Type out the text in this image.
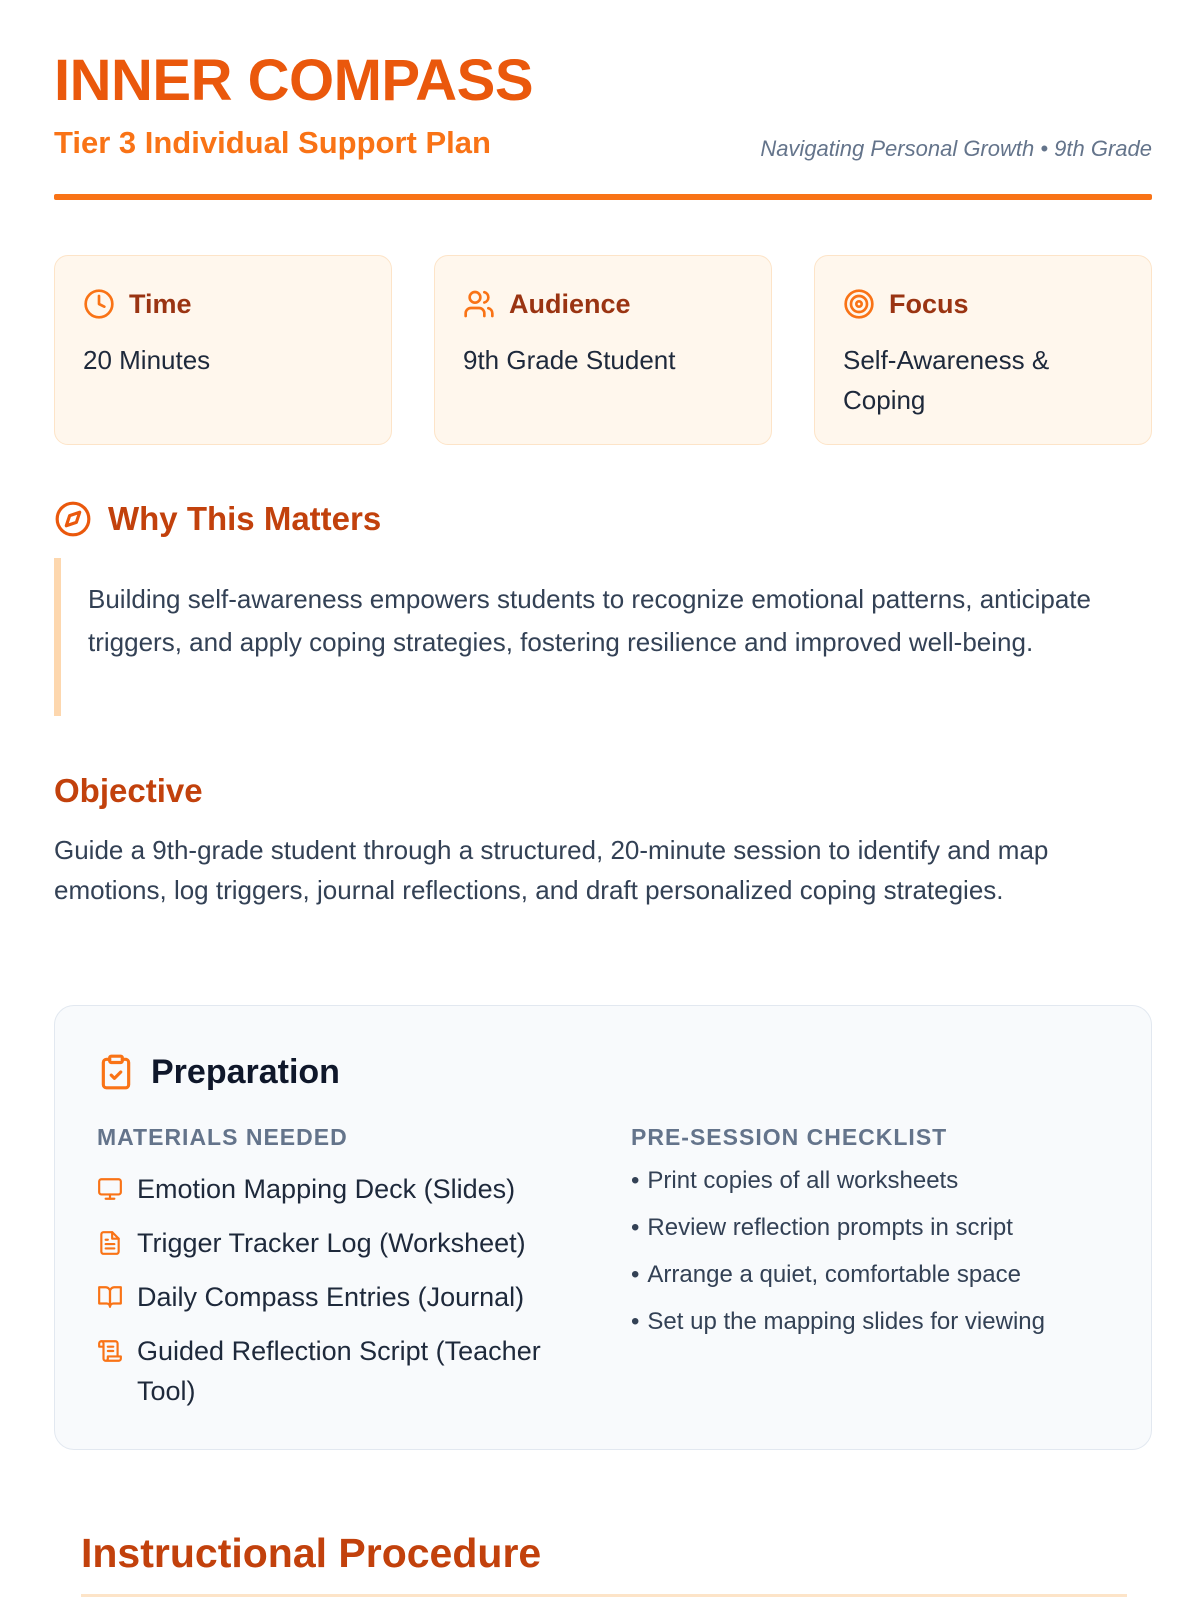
INNER COMPASS
Tier 3 Individual Support Plan	Navigating Personal Growth • 9th Grade
Time
20 Minutes
Audience
9th Grade Student
Focus
Self-Awareness & Coping
Why This Matters
Building self-awareness empowers students to recognize emotional patterns, anticipate triggers, and apply coping strategies, fostering resilience and improved well-being.
Objective
Guide a 9th-grade student through a structured, 20-minute session to identify and map emotions, log triggers, journal reflections, and draft personalized coping strategies.
Preparation
MATERIALS NEEDED
Emotion Mapping Deck (Slides)
Trigger Tracker Log (Worksheet)
Daily Compass Entries (Journal)
Guided Reflection Script (Teacher Tool)
PRE-SESSION CHECKLIST
• Print copies of all worksheets
• Review reflection prompts in script
• Arrange a quiet, comfortable space
• Set up the mapping slides for viewing
Instructional Procedure
